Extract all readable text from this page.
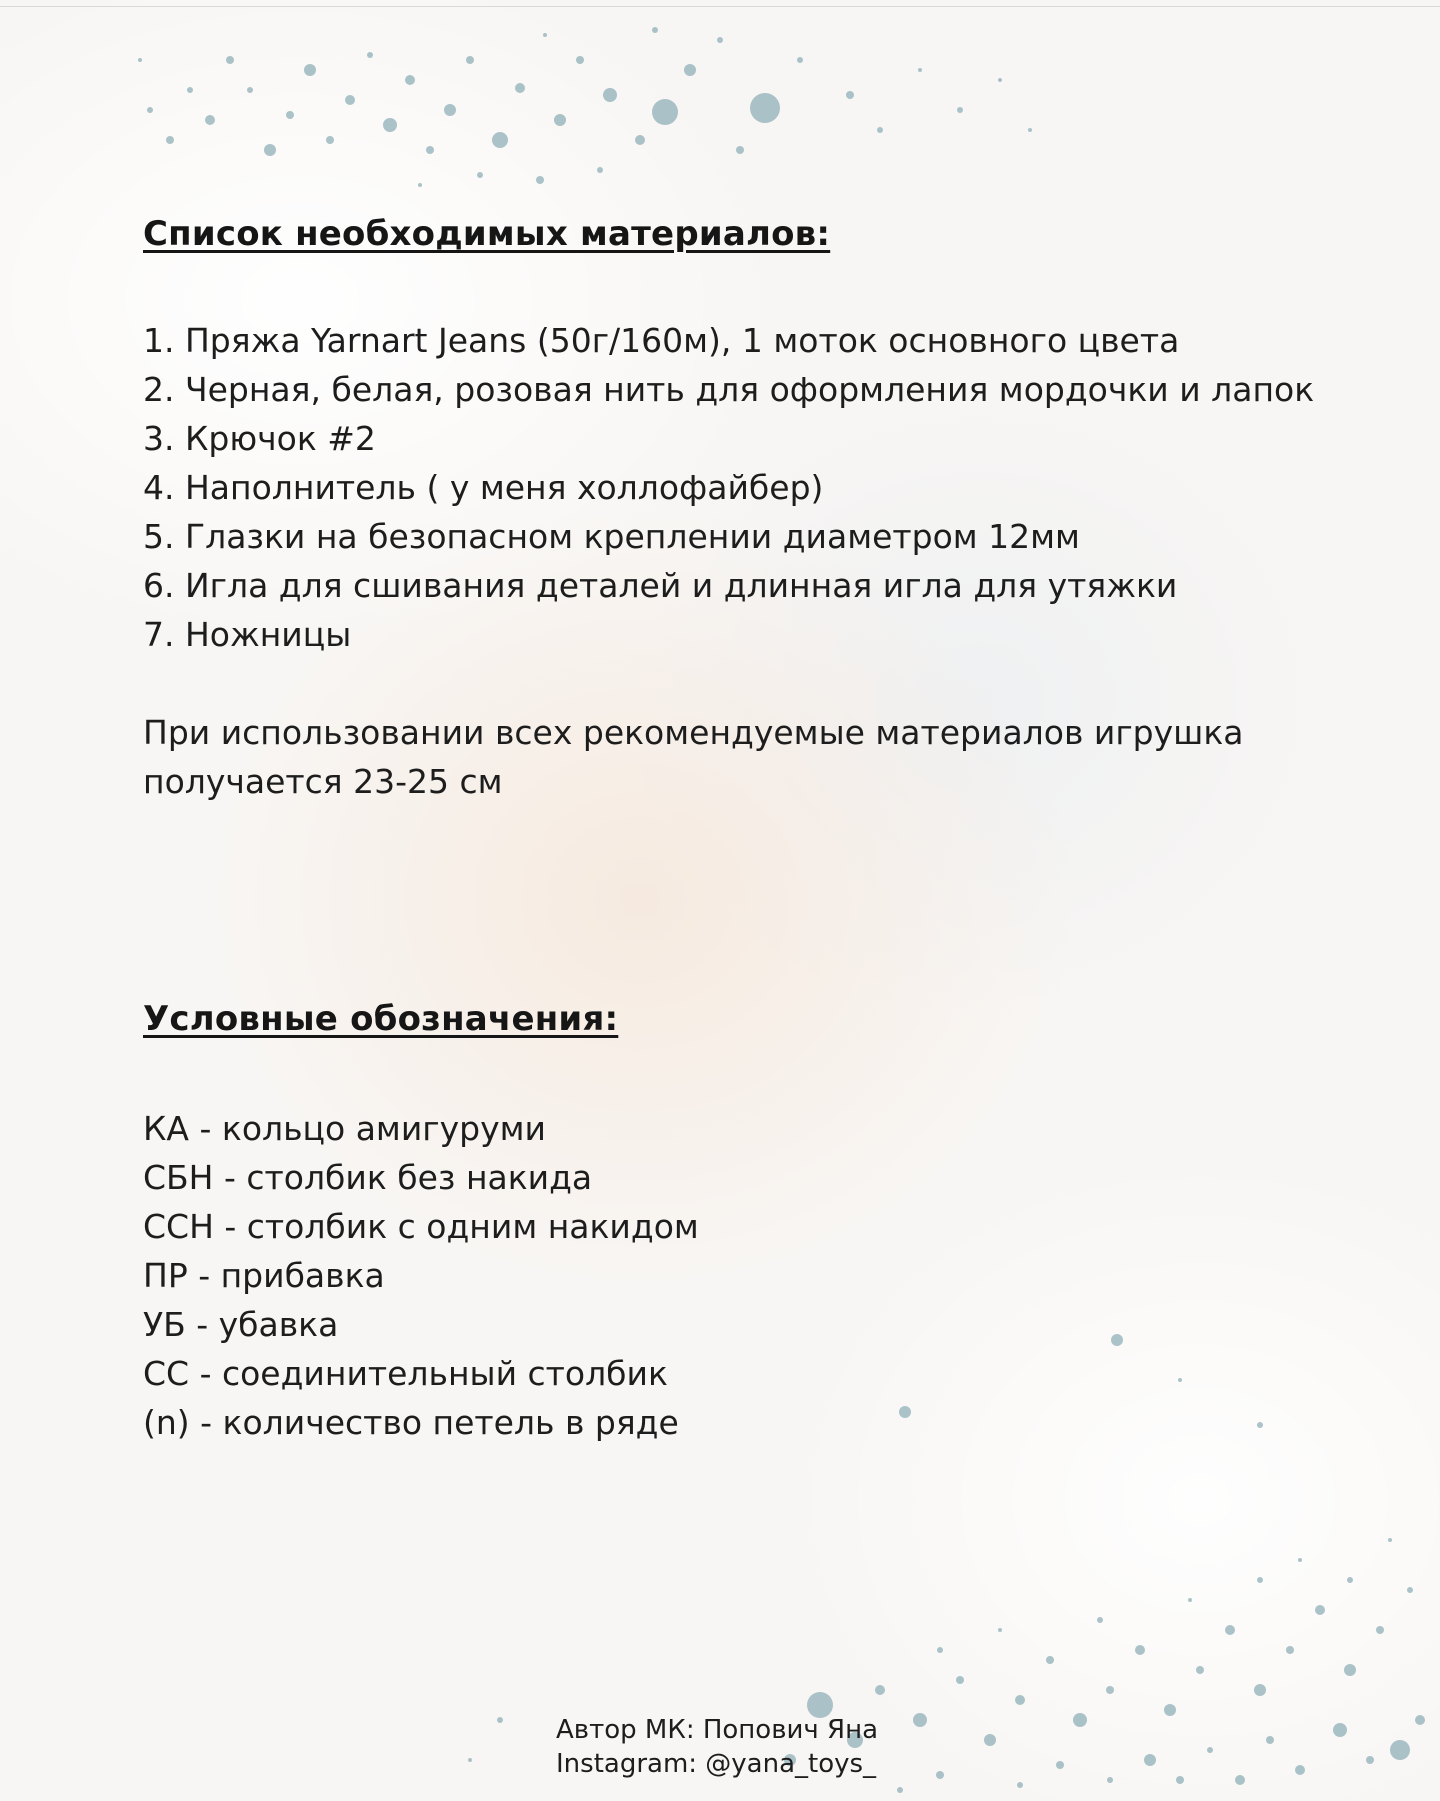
Список необходимых материалов:
1. Пряжа Yarnart Jeans (50г/160м), 1 моток основного цвета
2. Черная, белая, розовая нить для оформления мордочки и лапок
3. Крючок #2
4. Наполнитель ( у меня холлофайбер)
5. Глазки на безопасном креплении диаметром 12мм
6. Игла для сшивания деталей и длинная игла для утяжки
7. Ножницы
При использовании всех рекомендуемые материалов игрушка
получается 23-25 см
Условные обозначения:
КА - кольцо амигуруми
СБН - столбик без накида
ССН - столбик с одним накидом
ПР - прибавка
УБ - убавка
СС - соединительный столбик
(n) - количество петель в ряде
Автор МК: Попович Яна
Instagram: @yana_toys_
